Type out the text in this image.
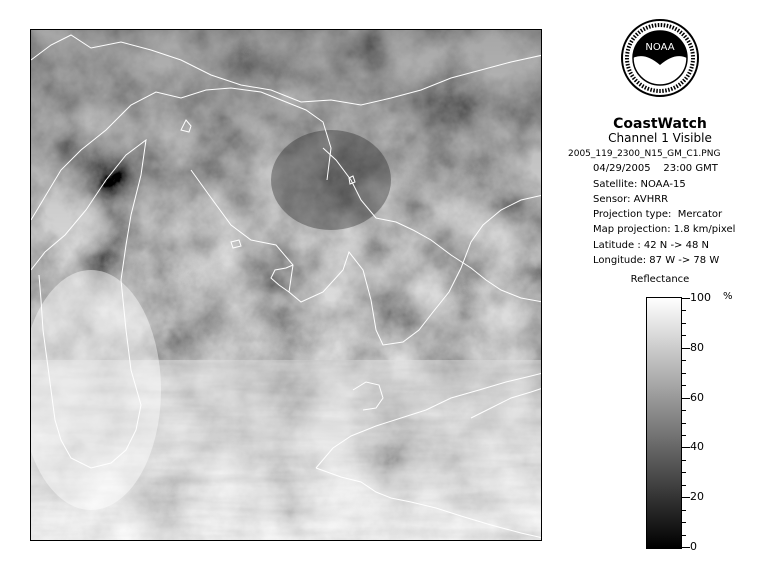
NOAA
CoastWatch
Channel 1 Visible
2005_119_2300_N15_GM_C1.PNG
04/29/2005    23:00 GMT
Satellite: NOAA-15
Sensor: AVHRR
Projection type:  Mercator
Map projection: 1.8 km/pixel
Latitude : 42 N -> 48 N
Longitude: 87 W -> 78 W
Reflectance
%
100
80
60
40
20
0
